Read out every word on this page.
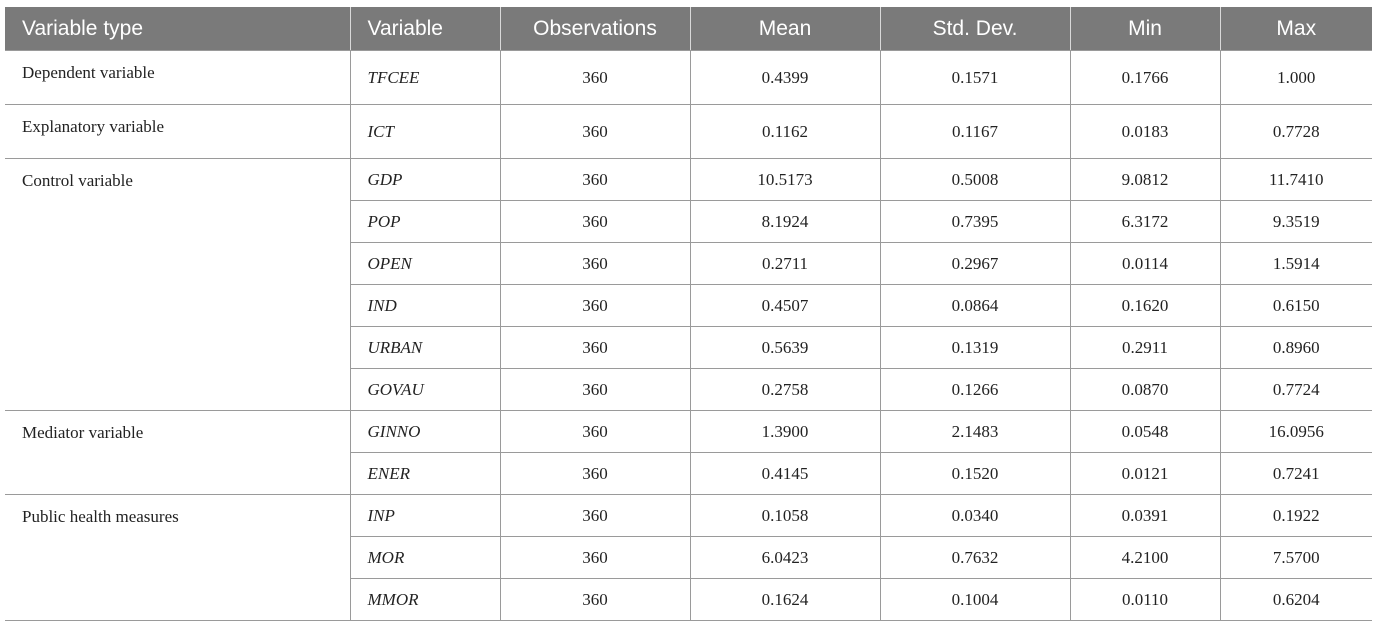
Variable type	Variable	Observations	Mean	Std. Dev.	Min	Max
Dependent variable	TFCEE	360	0.4399	0.1571	0.1766	1.000
Explanatory variable	ICT	360	0.1162	0.1167	0.0183	0.7728
Control variable	GDP	360	10.5173	0.5008	9.0812	11.7410
	POP	360	8.1924	0.7395	6.3172	9.3519
	OPEN	360	0.2711	0.2967	0.0114	1.5914
	IND	360	0.4507	0.0864	0.1620	0.6150
	URBAN	360	0.5639	0.1319	0.2911	0.8960
	GOVAU	360	0.2758	0.1266	0.0870	0.7724
Mediator variable	GINNO	360	1.3900	2.1483	0.0548	16.0956
	ENER	360	0.4145	0.1520	0.0121	0.7241
Public health measures	INP	360	0.1058	0.0340	0.0391	0.1922
	MOR	360	6.0423	0.7632	4.2100	7.5700
	MMOR	360	0.1624	0.1004	0.0110	0.6204
